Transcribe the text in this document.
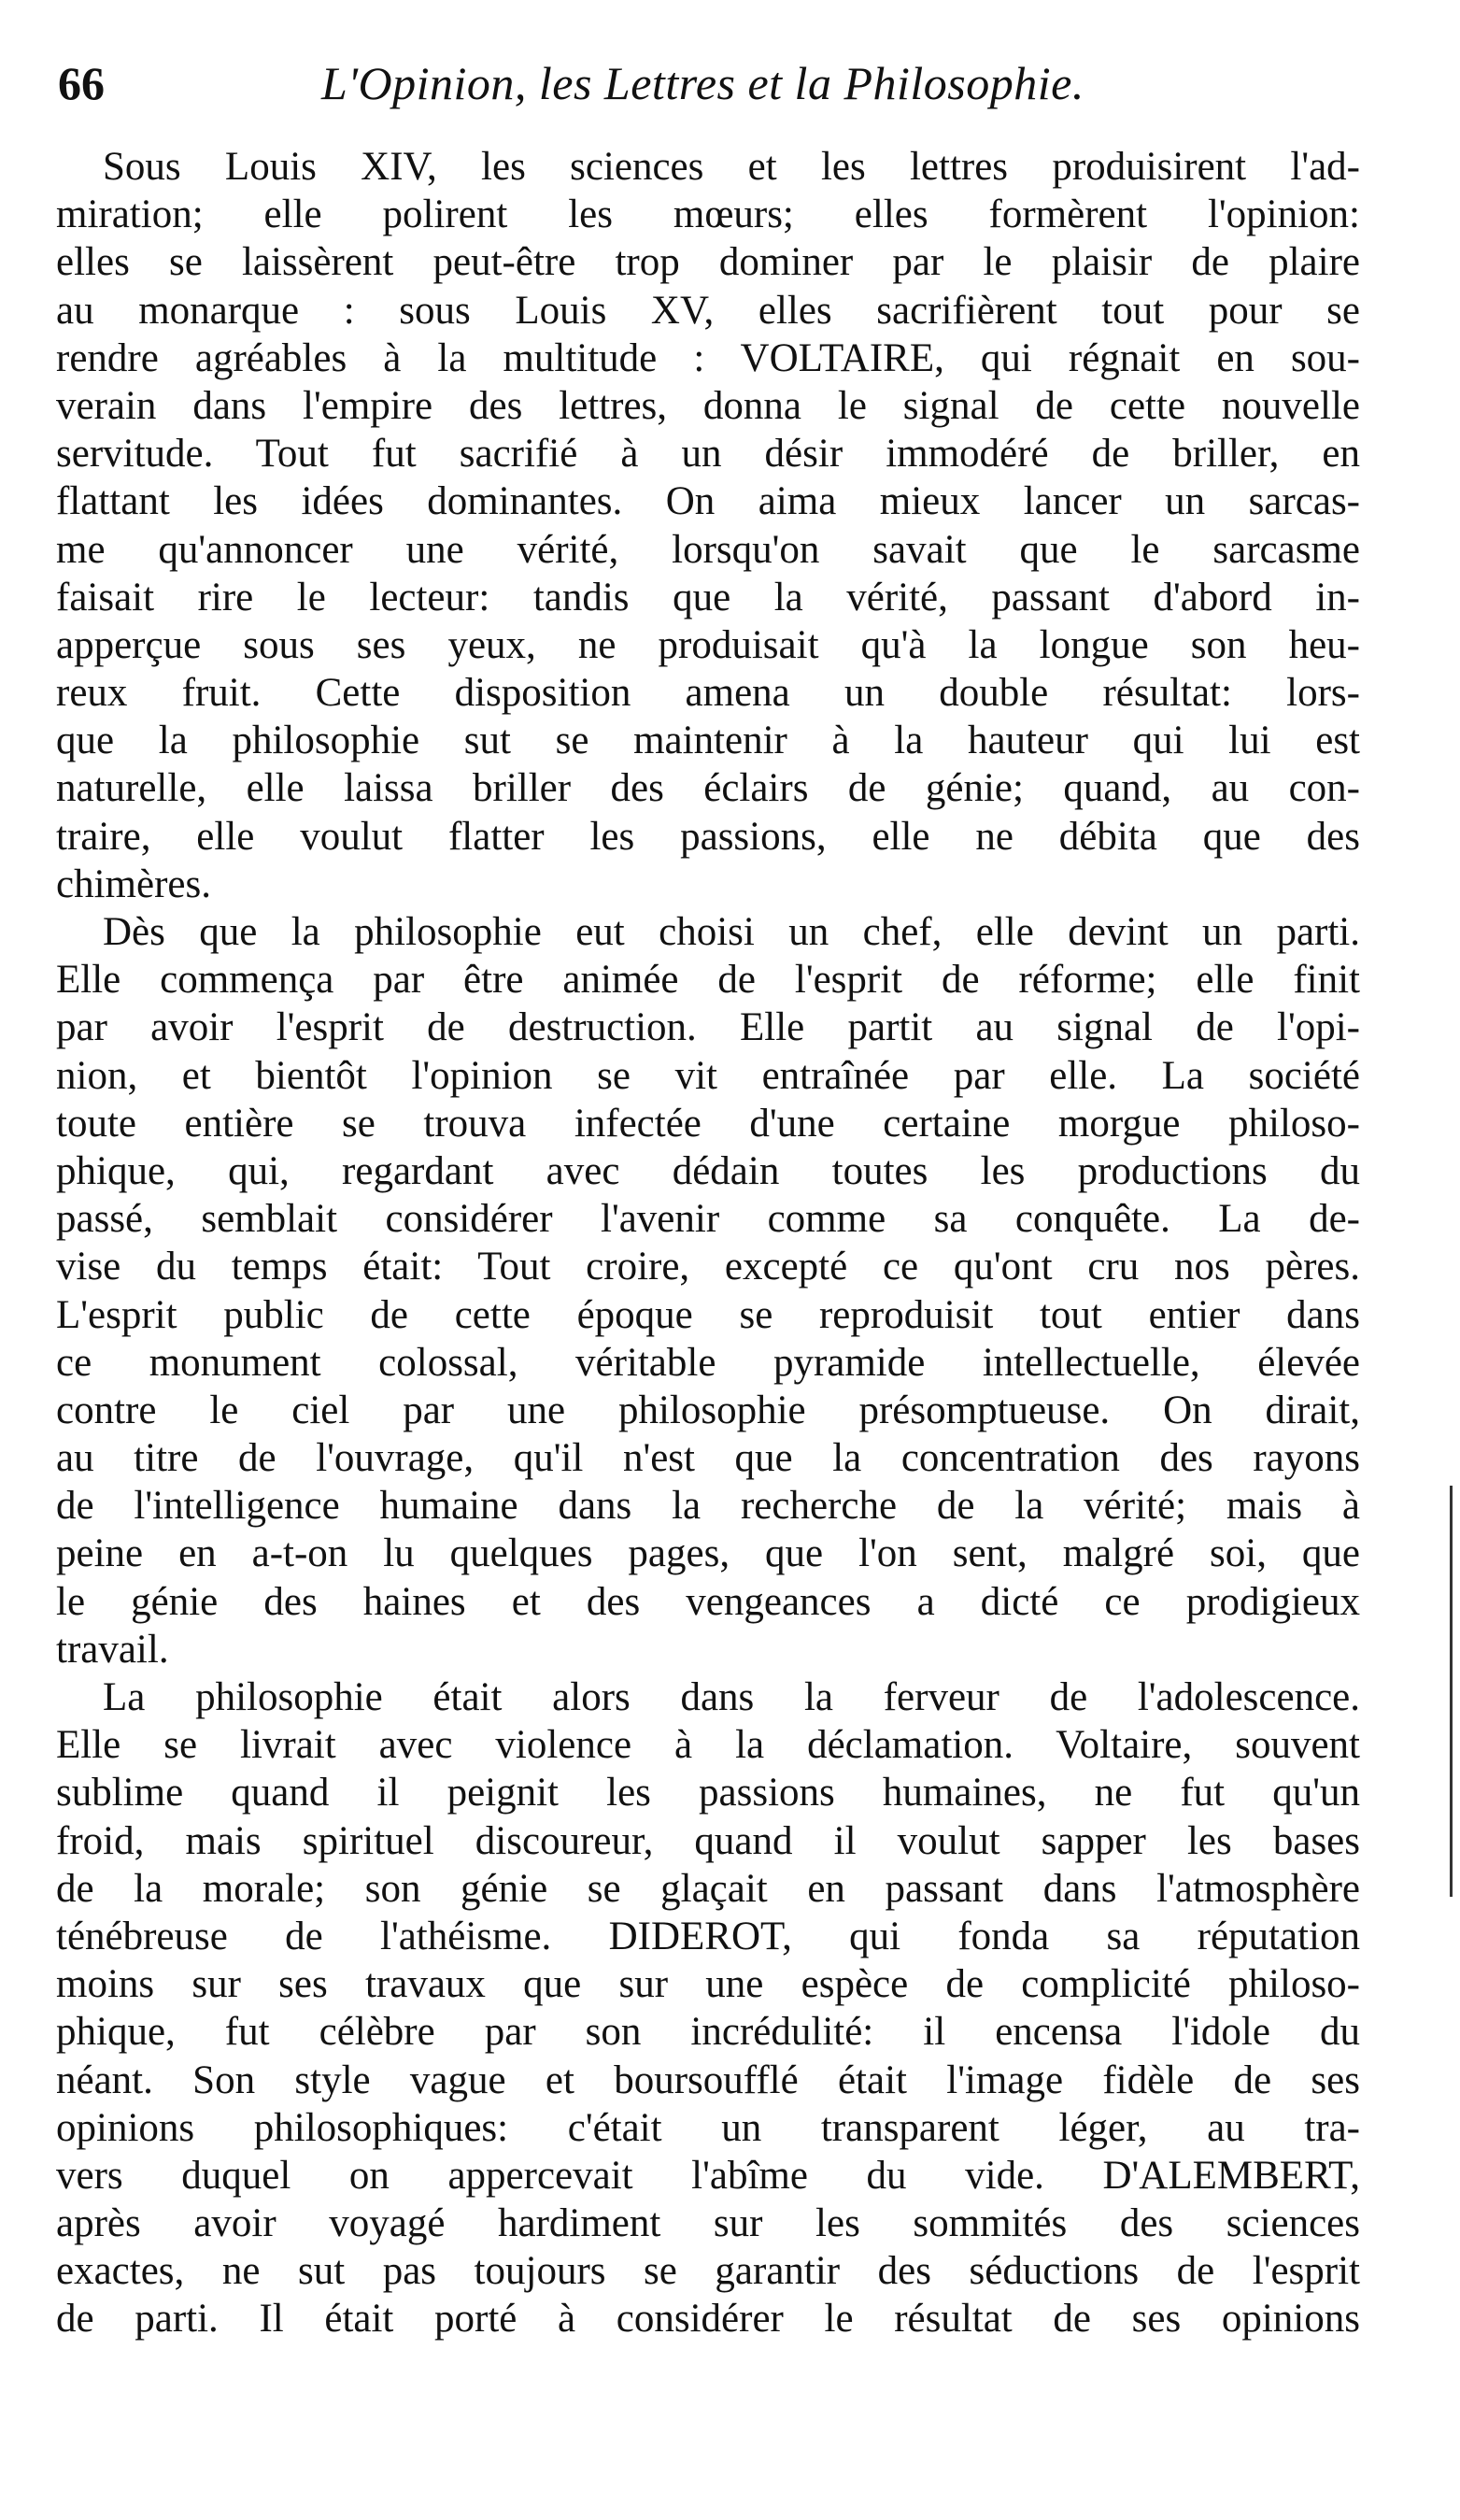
66	L'Opinion, les Lettres et la Philosophie.
Sous Louis XIV, les sciences et les lettres produisirent l'ad-
miration; elle polirent les mœurs; elles formèrent l'opinion:
elles se laissèrent peut-être trop dominer par le plaisir de plaire
au monarque : sous Louis XV, elles sacrifièrent tout pour se
rendre agréables à la multitude : VOLTAIRE, qui régnait en sou-
verain dans l'empire des lettres, donna le signal de cette nouvelle
servitude. Tout fut sacrifié à un désir immodéré de briller, en
flattant les idées dominantes. On aima mieux lancer un sarcas-
me qu'annoncer une vérité, lorsqu'on savait que le sarcasme
faisait rire le lecteur: tandis que la vérité, passant d'abord in-
apperçue sous ses yeux, ne produisait qu'à la longue son heu-
reux fruit. Cette disposition amena un double résultat: lors-
que la philosophie sut se maintenir à la hauteur qui lui est
naturelle, elle laissa briller des éclairs de génie; quand, au con-
traire, elle voulut flatter les passions, elle ne débita que des
chimères.
Dès que la philosophie eut choisi un chef, elle devint un parti.
Elle commença par être animée de l'esprit de réforme; elle finit
par avoir l'esprit de destruction. Elle partit au signal de l'opi-
nion, et bientôt l'opinion se vit entraînée par elle. La société
toute entière se trouva infectée d'une certaine morgue philoso-
phique, qui, regardant avec dédain toutes les productions du
passé, semblait considérer l'avenir comme sa conquête. La de-
vise du temps était: Tout croire, excepté ce qu'ont cru nos pères.
L'esprit public de cette époque se reproduisit tout entier dans
ce monument colossal, véritable pyramide intellectuelle, élevée
contre le ciel par une philosophie présomptueuse. On dirait,
au titre de l'ouvrage, qu'il n'est que la concentration des rayons
de l'intelligence humaine dans la recherche de la vérité; mais à
peine en a-t-on lu quelques pages, que l'on sent, malgré soi, que
le génie des haines et des vengeances a dicté ce prodigieux
travail.
La philosophie était alors dans la ferveur de l'adolescence.
Elle se livrait avec violence à la déclamation. Voltaire, souvent
sublime quand il peignit les passions humaines, ne fut qu'un
froid, mais spirituel discoureur, quand il voulut sapper les bases
de la morale; son génie se glaçait en passant dans l'atmosphère
ténébreuse de l'athéisme. DIDEROT, qui fonda sa réputation
moins sur ses travaux que sur une espèce de complicité philoso-
phique, fut célèbre par son incrédulité: il encensa l'idole du
néant. Son style vague et boursoufflé était l'image fidèle de ses
opinions philosophiques: c'était un transparent léger, au tra-
vers duquel on appercevait l'abîme du vide. D'ALEMBERT,
après avoir voyagé hardiment sur les sommités des sciences
exactes, ne sut pas toujours se garantir des séductions de l'esprit
de parti. Il était porté à considérer le résultat de ses opinions
